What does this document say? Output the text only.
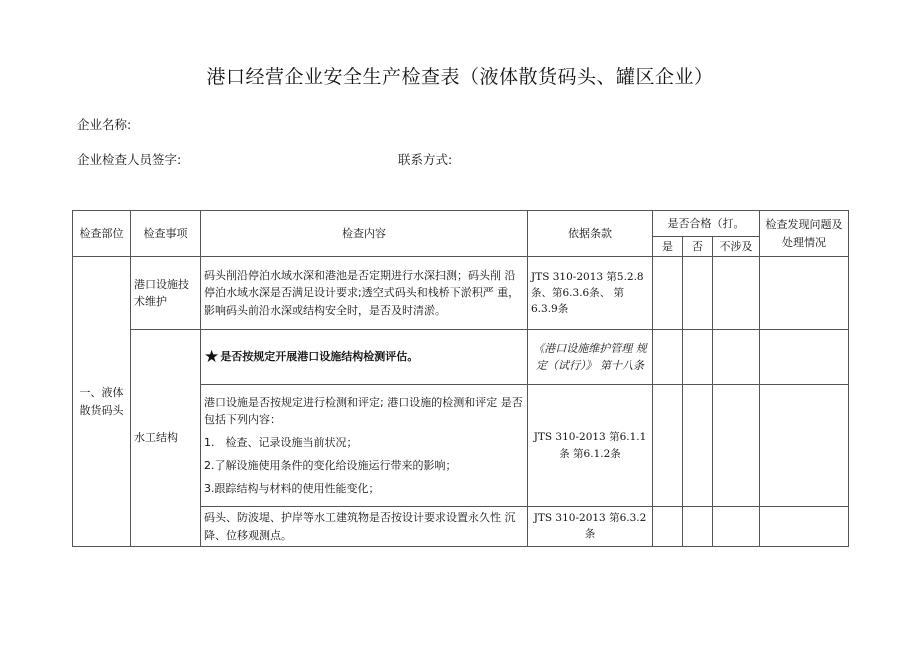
港口经营企业安全生产检查表（液体散货码头、罐区企业）
企业名称:
企业检查人员签字:	联系方式:
检查部位	检查事项	检查内容	依据条款	是否合格（打。			检查发现问题及处理情况
				是	否	不涉及	
一、液体散货码头	港口设施技术维护	码头削沿停泊水域水深和港池是否定期进行水深扫测；码头削 沿停泊水域水深是否满足设计要求;透空式码头和栈桥下淤积严 重，影响码头前沿水深或结构安全时，是否及时清淤。	JTS 310-2013 第5.2.8条、第6.3.6条、 第6.3.9条				
	水工结构	★是否按规定开展港口设施结构检测评估。	《港口设施维护管理 规定（试行）》 第十八条				

		港口设施是否按规定进行检测和评定; 港口设施的检测和评定 是否包括下列内容：
1.　检查、记录设施当前状况；
2.了解设施使用条件的变化给设施运行带来的影响；
3.跟踪结构与材料的使用性能变化；	JTS 310-2013 第6.1.1条 第6.1.2条				
		码头、防波堤、护岸等水工建筑物是否按设计要求设置永久性 沉降、位移观测点。	JTS 310-2013 第6.3.2条				
